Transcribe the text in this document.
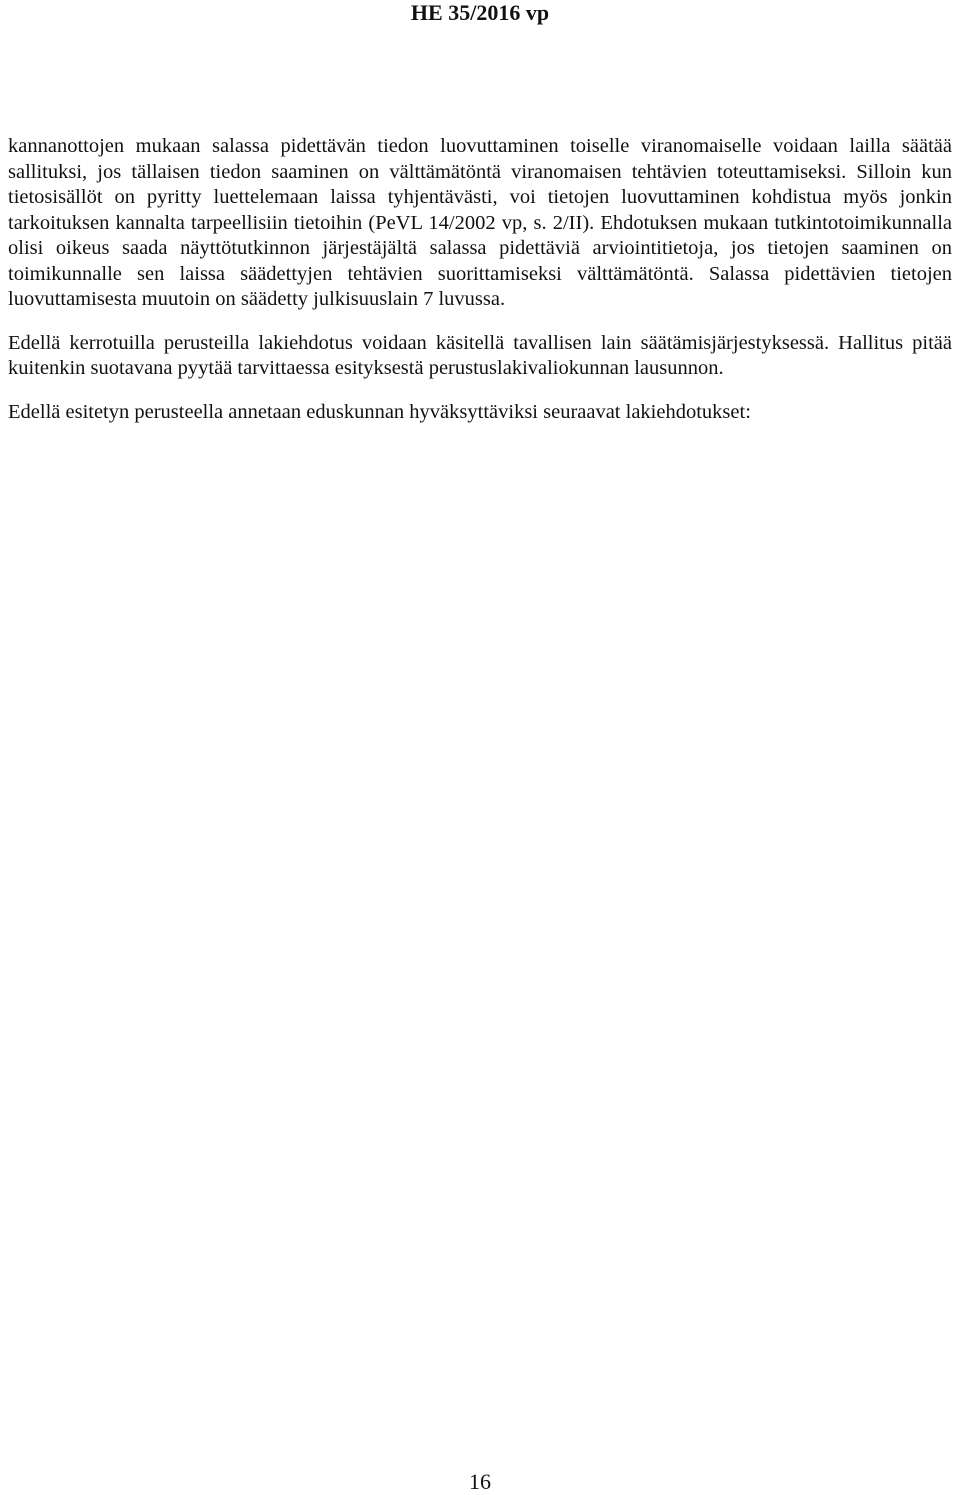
HE 35/2016 vp

kannanottojen mukaan salassa pidettävän tiedon luovuttaminen toiselle viranomaiselle voidaan lailla säätää sallituksi, jos tällaisen tiedon saaminen on välttämätöntä viranomaisen tehtävien toteuttamiseksi. Silloin kun tietosisällöt on pyritty luettelemaan laissa tyhjentävästi, voi tietojen luovuttaminen kohdistua myös jonkin tarkoituksen kannalta tarpeellisiin tietoihin (PeVL 14/2002 vp, s. 2/II). Ehdotuksen mukaan tutkintotoimikunnalla olisi oikeus saada näyttötutkinnon järjestäjältä salassa pidettäviä arviointitietoja, jos tietojen saaminen on toimikunnalle sen laissa säädettyjen tehtävien suorittamiseksi välttämätöntä. Salassa pidettävien tietojen luovuttamisesta muutoin on säädetty julkisuuslain 7 luvussa.

Edellä kerrotuilla perusteilla lakiehdotus voidaan käsitellä tavallisen lain säätämisjärjestyksessä. Hallitus pitää kuitenkin suotavana pyytää tarvittaessa esityksestä perustuslakivaliokunnan lausunnon.

Edellä esitetyn perusteella annetaan eduskunnan hyväksyttäviksi seuraavat lakiehdotukset:

16
